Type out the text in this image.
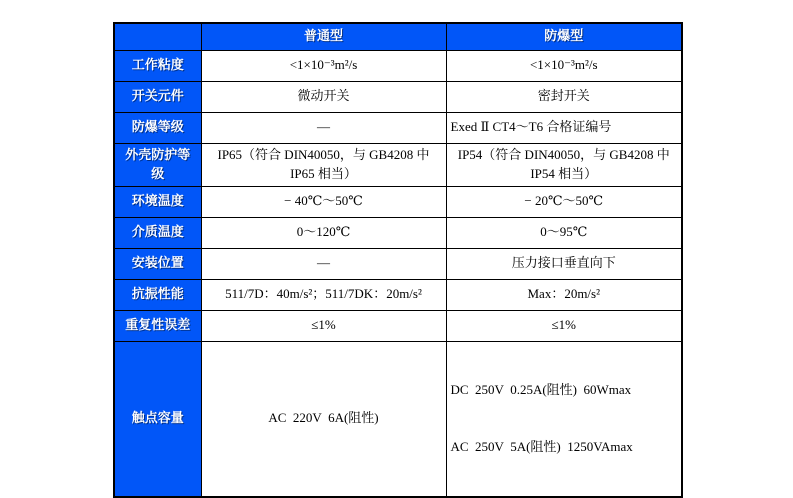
	普通型	防爆型
工作粘度	<1×10⁻³m²/s	<1×10⁻³m²/s
开关元件	微动开关	密封开关
防爆等级	—	Exed Ⅱ CT4～T6 合格证编号
外壳防护等级	IP65（符合 DIN40050，与 GB4208 中 IP65 相当）	IP54（符合 DIN40050，与 GB4208 中 IP54 相当）
环境温度	− 40℃～50℃	− 20℃～50℃
介质温度	0～120℃	0～95℃
安装位置	—	压力接口垂直向下
抗振性能	511/7D：40m/s²；511/7DK：20m/s²	Max：20m/s²
重复性误差	≤1%	≤1%
触点容量	AC  220V  6A(阻性)	DC  250V  0.25A(阻性)  60Wmax

AC  250V  5A(阻性)  1250VAmax
